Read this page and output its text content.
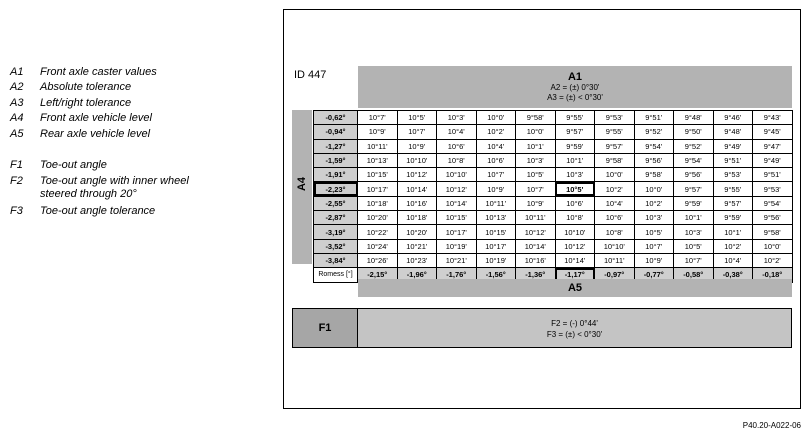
A1	Front axle caster values
A2	Absolute tolerance
A3	Left/right tolerance
A4	Front axle vehicle level
A5	Rear axle vehicle level
F1	Toe-out angle
F2	Toe-out angle with inner wheel steered through 20°
F3	Toe-out angle tolerance
ID 447	A1
A2 = (±) 0°30'
A3 = (±) < 0°30'
A4
-0,62°	10°7'	10°5'	10°3'	10°0'	9°58'	9°55'	9°53'	9°51'	9°48'	9°46'	9°43'
-0,94°	10°9'	10°7'	10°4'	10°2'	10°0'	9°57'	9°55'	9°52'	9°50'	9°48'	9°45'
-1,27°	10°11'	10°9'	10°6'	10°4'	10°1'	9°59'	9°57'	9°54'	9°52'	9°49'	9°47'
-1,59°	10°13'	10°10'	10°8'	10°6'	10°3'	10°1'	9°58'	9°56'	9°54'	9°51'	9°49'
-1,91°	10°15'	10°12'	10°10'	10°7'	10°5'	10°3'	10°0'	9°58'	9°56'	9°53'	9°51'
-2,23°	10°17'	10°14'	10°12'	10°9'	10°7'	10°5'	10°2'	10°0'	9°57'	9°55'	9°53'
-2,55°	10°18'	10°16'	10°14'	10°11'	10°9'	10°6'	10°4'	10°2'	9°59'	9°57'	9°54'
-2,87°	10°20'	10°18'	10°15'	10°13'	10°11'	10°8'	10°6'	10°3'	10°1'	9°59'	9°56'
-3,19°	10°22'	10°20'	10°17'	10°15'	10°12'	10°10'	10°8'	10°5'	10°3'	10°1'	9°58'
-3,52°	10°24'	10°21'	10°19'	10°17'	10°14'	10°12'	10°10'	10°7'	10°5'	10°2'	10°0'
-3,84°	10°26'	10°23'	10°21'	10°19'	10°16'	10°14'	10°11'	10°9'	10°7'	10°4'	10°2'
Romess [°]	-2,15°	-1,96°	-1,76°	-1,56°	-1,36°	-1,17°	-0,97°	-0,77°	-0,58°	-0,38°	-0,18°
A5
F1	F2 = (-) 0°44'
F3 = (±) < 0°30'
P40.20-A022-06
